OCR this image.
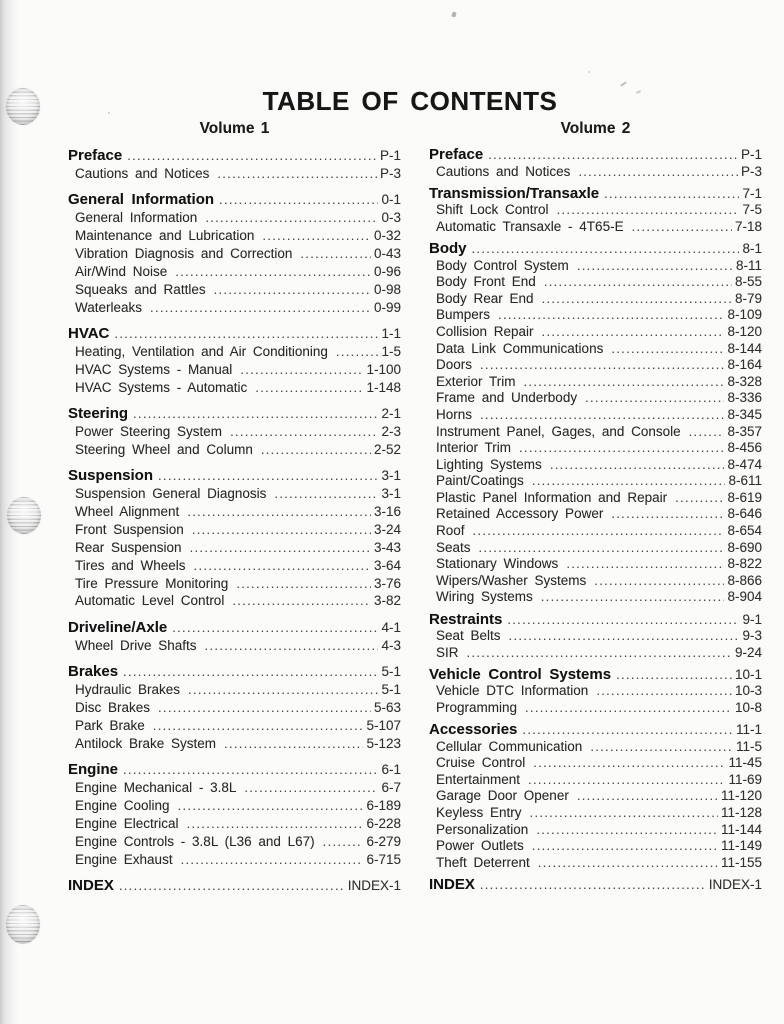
TABLE OF CONTENTS
Volume 1
Preface .....	P-1
Cautions and Notices .....	P-3
General Information .....	0-1
General Information .....	0-3
Maintenance and Lubrication .....	0-32
Vibration Diagnosis and Correction .....	0-43
Air/Wind Noise .....	0-96
Squeaks and Rattles .....	0-98
Waterleaks .....	0-99
HVAC .....	1-1
Heating, Ventilation and Air Conditioning .....	1-5
HVAC Systems - Manual .....	1-100
HVAC Systems - Automatic .....	1-148
Steering .....	2-1
Power Steering System .....	2-3
Steering Wheel and Column .....	2-52
Suspension .....	3-1
Suspension General Diagnosis .....	3-1
Wheel Alignment .....	3-16
Front Suspension .....	3-24
Rear Suspension .....	3-43
Tires and Wheels .....	3-64
Tire Pressure Monitoring .....	3-76
Automatic Level Control .....	3-82
Driveline/Axle .....	4-1
Wheel Drive Shafts .....	4-3
Brakes .....	5-1
Hydraulic Brakes .....	5-1
Disc Brakes .....	5-63
Park Brake .....	5-107
Antilock Brake System .....	5-123
Engine .....	6-1
Engine Mechanical - 3.8L .....	6-7
Engine Cooling .....	6-189
Engine Electrical .....	6-228
Engine Controls - 3.8L (L36 and L67) .....	6-279
Engine Exhaust .....	6-715
INDEX .....	INDEX-1
Volume 2
Preface .....	P-1
Cautions and Notices .....	P-3
Transmission/Transaxle .....	7-1
Shift Lock Control .....	7-5
Automatic Transaxle - 4T65-E .....	7-18
Body .....	8-1
Body Control System .....	8-11
Body Front End .....	8-55
Body Rear End .....	8-79
Bumpers .....	8-109
Collision Repair .....	8-120
Data Link Communications .....	8-144
Doors .....	8-164
Exterior Trim .....	8-328
Frame and Underbody .....	8-336
Horns .....	8-345
Instrument Panel, Gages, and Console .....	8-357
Interior Trim .....	8-456
Lighting Systems .....	8-474
Paint/Coatings .....	8-611
Plastic Panel Information and Repair .....	8-619
Retained Accessory Power .....	8-646
Roof .....	8-654
Seats .....	8-690
Stationary Windows .....	8-822
Wipers/Washer Systems .....	8-866
Wiring Systems .....	8-904
Restraints .....	9-1
Seat Belts .....	9-3
SIR .....	9-24
Vehicle Control Systems .....	10-1
Vehicle DTC Information .....	10-3
Programming .....	10-8
Accessories .....	11-1
Cellular Communication .....	11-5
Cruise Control .....	11-45
Entertainment .....	11-69
Garage Door Opener .....	11-120
Keyless Entry .....	11-128
Personalization .....	11-144
Power Outlets .....	11-149
Theft Deterrent .....	11-155
INDEX .....	INDEX-1
